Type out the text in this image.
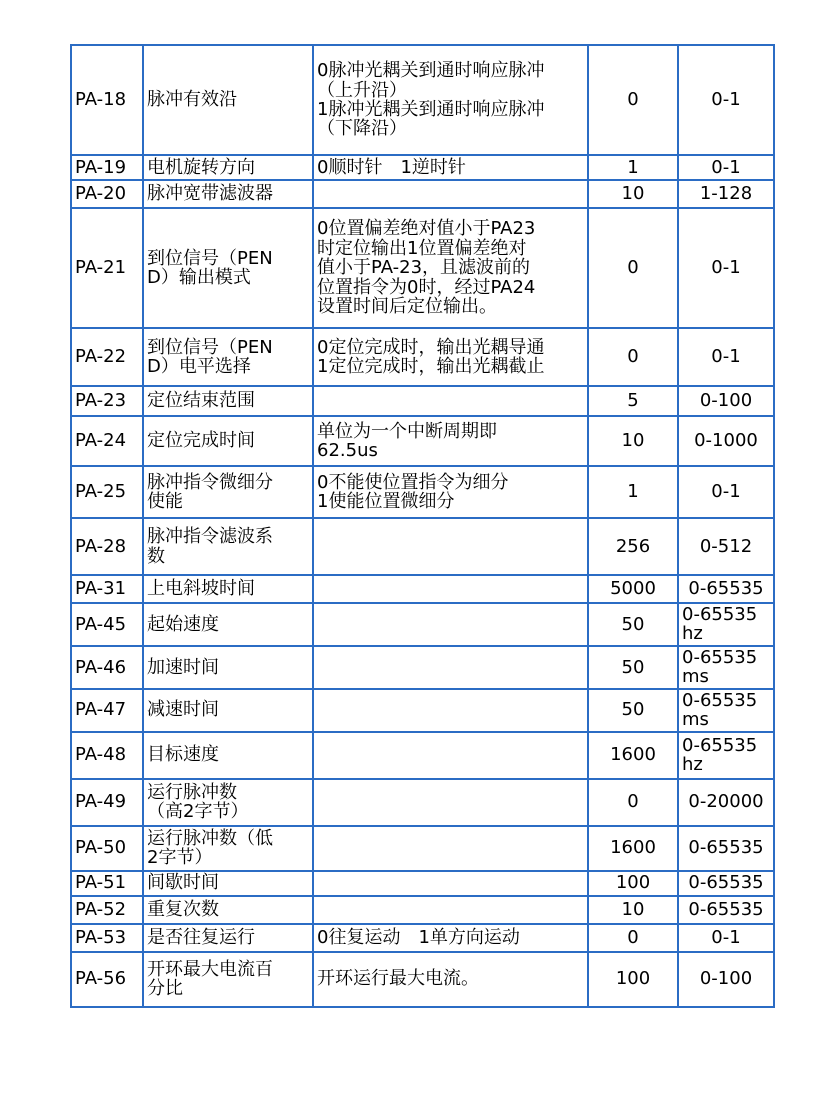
PA-18	脉冲有效沿	0脉冲光耦关到通时响应脉冲
（上升沿）
1脉冲光耦关到通时响应脉冲
（下降沿）	0	0-1

PA-19	电机旋转方向	0顺时针　1逆时针	1	0-1

PA-20	脉冲宽带滤波器		10	1-128

PA-21	到位信号（PEN
D）输出模式	0位置偏差绝对值小于PA23
时定位输出1位置偏差绝对
值小于PA-23，且滤波前的
位置指令为0时，经过PA24
设置时间后定位输出。	0	0-1

PA-22	到位信号（PEN
D）电平选择	0定位完成时，输出光耦导通
1定位完成时，输出光耦截止	0	0-1

PA-23	定位结束范围		5	0-100

PA-24	定位完成时间	单位为一个中断周期即
62.5us	10	0-1000

PA-25	脉冲指令微细分
使能	0不能使位置指令为细分
1使能位置微细分	1	0-1

PA-28	脉冲指令滤波系
数		256	0-512

PA-31	上电斜坡时间		5000	0-65535

PA-45	起始速度		50	0-65535
hz

PA-46	加速时间		50	0-65535
ms

PA-47	减速时间		50	0-65535
ms

PA-48	目标速度		1600	0-65535
hz

PA-49	运行脉冲数
（高2字节）		0	0-20000

PA-50	运行脉冲数（低
2字节）		1600	0-65535

PA-51	间歇时间		100	0-65535

PA-52	重复次数		10	0-65535

PA-53	是否往复运行	0往复运动　1单方向运动	0	0-1

PA-56	开环最大电流百
分比	开环运行最大电流。	100	0-100
